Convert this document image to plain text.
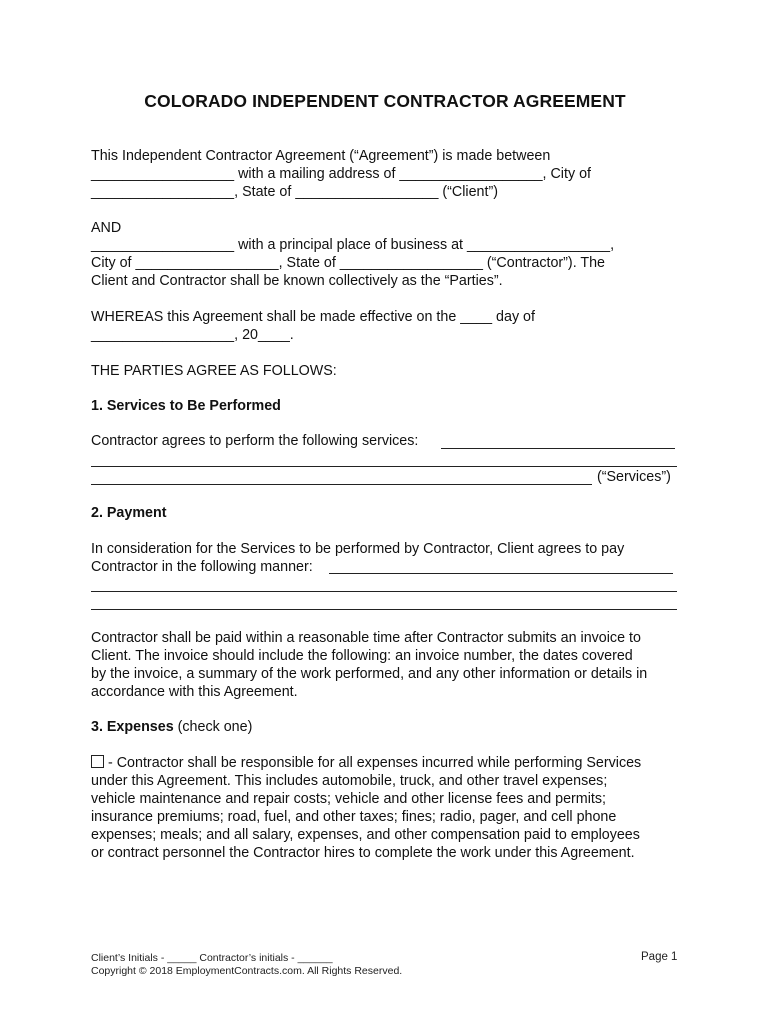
COLORADO INDEPENDENT CONTRACTOR AGREEMENT
This Independent Contractor Agreement (“Agreement”) is made between
__________________ with a mailing address of __________________, City of
__________________, State of __________________ (“Client”)
AND
__________________ with a principal place of business at __________________,
City of __________________, State of __________________ (“Contractor”). The
Client and Contractor shall be known collectively as the “Parties”.
WHEREAS this Agreement shall be made effective on the ____ day of
__________________, 20____.
THE PARTIES AGREE AS FOLLOWS:
1. Services to Be Performed
Contractor agrees to perform the following services:
(“Services”)
2. Payment
In consideration for the Services to be performed by Contractor, Client agrees to pay
Contractor in the following manner:
Contractor shall be paid within a reasonable time after Contractor submits an invoice to
Client. The invoice should include the following: an invoice number, the dates covered
by the invoice, a summary of the work performed, and any other information or details in
accordance with this Agreement.
3. Expenses (check one)
- Contractor shall be responsible for all expenses incurred while performing Services
under this Agreement. This includes automobile, truck, and other travel expenses;
vehicle maintenance and repair costs; vehicle and other license fees and permits;
insurance premiums; road, fuel, and other taxes; fines; radio, pager, and cell phone
expenses; meals; and all salary, expenses, and other compensation paid to employees
or contract personnel the Contractor hires to complete the work under this Agreement.
Client’s Initials - _____ Contractor’s initials - ______
Copyright © 2018 EmploymentContracts.com. All Rights Reserved.
Page 1
